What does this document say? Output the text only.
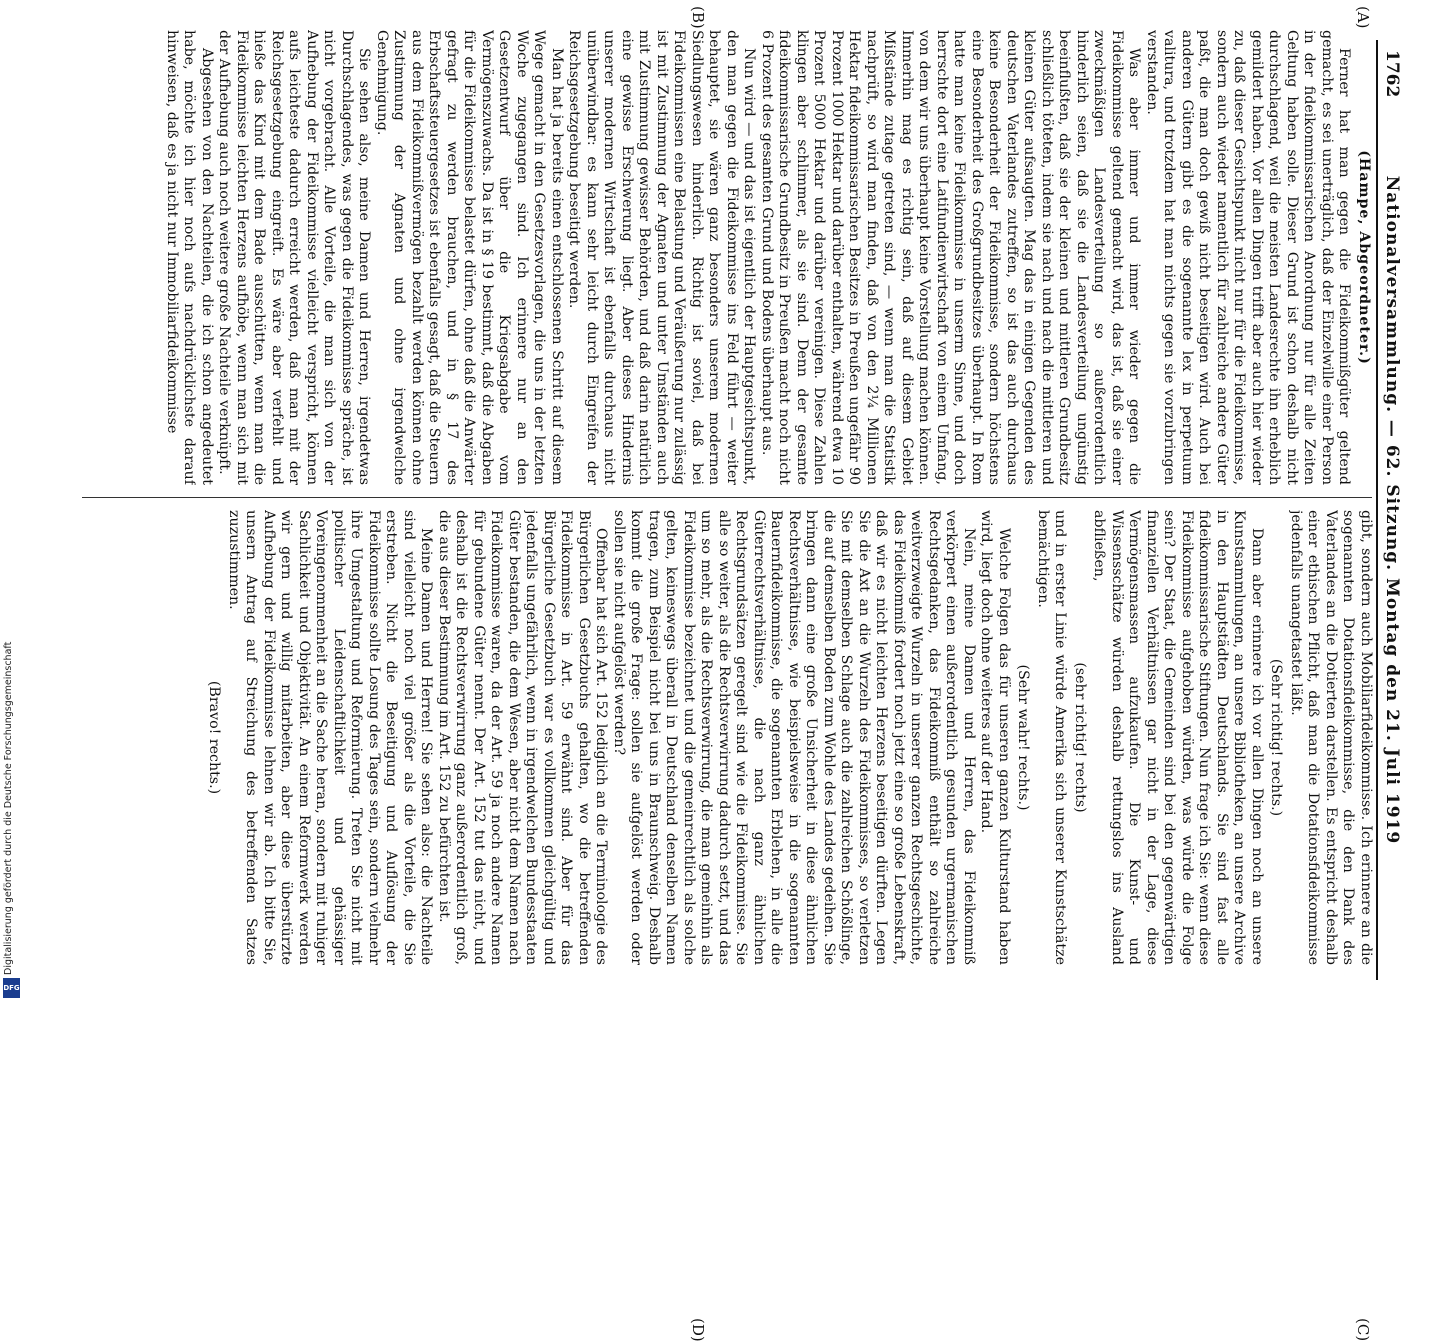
Digitalisierung gefördert durch die Deutsche Forschungsgemeinschaft
DFG
1762
Nationalversammlung. — 62. Sitzung. Montag den 21. Juli 1919
(A)
(B)
(C)
(D)

(Hampe, Abgeordneter.)

Ferner hat man gegen die Fideikommißgüter geltend gemacht, es sei unerträglich, daß der Einzelwille einer Person in der fideikommissarischen Anordnung nur für alle Zeiten Geltung haben solle. Dieser Grund ist schon deshalb nicht durchschlagend, weil die meisten Landesrechte ihn erheblich gemildert haben. Vor allen Dingen trifft aber auch hier wieder zu, daß dieser Gesichtspunkt nicht nur für die Fideikommisse, sondern auch wieder namentlich für zahlreiche andere Güter paßt, die man doch gewiß nicht beseitigen wird. Auch bei anderen Gütern gibt es die sogenannte lex in perpetuum valitura, und trotzdem hat man nichts gegen sie vorzubringen verstanden.

Was aber immer und immer wieder gegen die Fideikommisse geltend gemacht wird, das ist, daß sie einer zweckmäßigen Landesverteilung so außerordentlich hinderlich seien, daß sie die Landesverteilung ungünstig beeinflußten, daß sie der kleinen und mittleren Grundbesitz schließlich töteten, indem sie nach und nach die mittleren und kleinen Güter aufsaugten. Mag das in einigen Gegenden des deutschen Vaterlandes zutreffen, so ist das auch durchaus keine Besonderheit der Fideikommisse, sondern höchstens eine Besonderheit des Großgrundbesitzes überhaupt. In Rom hatte man keine Fideikommisse in unserm Sinne, und doch herrschte dort eine Latifundienwirtschaft von einem Umfang, von dem wir uns überhaupt keine Vorstellung machen können. Immerhin mag es richtig sein, daß auf diesem Gebiet Mißstände zutage getreten sind, — wenn man die Statistik nachprüft, so wird man finden, daß von den 2¼ Millionen Hektar fideikommissarischen Besitzes in Preußen ungefähr 90 Prozent 1000 Hektar und darüber enthalten, während etwa 10 Prozent 5000 Hektar und darüber vereinigen. Diese Zahlen klingen aber schlimmer, als sie sind. Denn der gesamte fideikommissarische Grundbesitz in Preußen macht noch nicht 6 Prozent des gesamten Grund und Bodens überhaupt aus.

Nun wird — und das ist eigentlich der Hauptgesichtspunkt, den man gegen die Fideikommisse ins Feld führt — weiter behauptet, sie wären ganz besonders unserem modernen Siedlungswesen hinderlich. Richtig ist soviel, daß bei Fideikommissen eine Belastung und Veräußerung nur zulässig ist mit Zustimmung der Agnaten und unter Umständen auch mit Zustimmung gewisser Behörden, und daß darin natürlich eine gewisse Erschwerung liegt. Aber dieses Hindernis unserer modernen Wirtschaft ist ebenfalls durchaus nicht unüberwindbar: es kann sehr leicht durch Eingreifen der Reichsgesetzgebung beseitigt werden.

Man hat ja bereits einen entschlossenen Schritt auf diesem Wege gemacht in den Gesetzesvorlagen, die uns in der letzten Woche zugegangen sind. Ich erinnere nur an den Gesetzentwurf über die Kriegsabgabe vom Vermögenszuwachs. Da ist in § 19 bestimmt, daß die Abgaben für die Fideikommisse belastet dürfen, ohne daß die Anwärter gefragt zu werden brauchen, und in § 17 des Erbschaftssteuergesetzes ist ebenfalls gesagt, daß die Steuern aus dem Fideikommißvermögen bezahlt werden können ohne Zustimmung der Agnaten und ohne irgendwelche Genehmigung.

Sie sehen also, meine Damen und Herren, irgendetwas Durchschlagendes, was gegen die Fideikommisse spräche, ist nicht vorgebracht. Alle Vorteile, die man sich von der Aufhebung der Fideikommisse vielleicht verspricht, können aufs leichteste dadurch erreicht werden, daß man mit der Reichsgesetzgebung eingreift. Es wäre aber verfehlt und hieße das Kind mit dem Bade ausschütten, wenn man die Fideikommisse leichten Herzens aufhöbe, wenn man sich mit der Aufhebung auch noch weitere große Nachteile verknüpft.

Abgesehen von den Nachteilen, die ich schon angedeutet habe, möchte ich hier noch aufs nachdrücklichste darauf hinweisen, daß es ja nicht nur Immobiliarfideikommisse

gibt, sondern auch Mobiliarfideikommisse. Ich erinnere an die sogenannten Dotationsfideikommisse, die den Dank des Vaterlandes an die Dotierten darstellen. Es entspricht deshalb einer ethischen Pflicht, daß man die Dotationsfideikommisse jedenfalls unangetastet läßt.

(Sehr richtig! rechts.)

Dann aber erinnere ich vor allen Dingen noch an unsere Kunstsammlungen, an unsere Bibliotheken, an unsere Archive in den Hauptstädten Deutschlands. Sie sind fast alle fideikommissarische Stiftungen. Nun frage ich Sie: wenn diese Fideikommisse aufgehoben würden, was würde die Folge sein? Der Staat, die Gemeinden sind bei den gegenwärtigen finanziellen Verhältnissen gar nicht in der Lage, diese Vermögensmassen aufzukaufen. Die Kunst- und Wissensschätze würden deshalb rettungslos ins Ausland abfließen,

(sehr richtig! rechts)

und in erster Linie würde Amerika sich unserer Kunstschätze bemächtigen.

(Sehr wahr! rechts.)

Welche Folgen das für unseren ganzen Kulturstand haben wird, liegt doch ohne weiteres auf der Hand.

Nein, meine Damen und Herren, das Fideikommiß verkörpert einen außerordentlich gesunden urgermanischen Rechtsgedanken, das Fideikommiß enthält so zahlreiche weitverzweigte Wurzeln in unserer ganzen Rechtsgeschichte, das Fideikommiß fordert noch jetzt eine so große Lebenskraft, daß wir es nicht leichten Herzens beseitigen dürften. Legen Sie die Axt an die Wurzeln des Fideikommisses, so verletzen Sie mit demselben Schlage auch die zahlreichen Schößlinge, die auf demselben Boden zum Wohle des Landes gedeihen. Sie bringen dann eine große Unsicherheit in diese ähnlichen Rechtsverhältnisse, wie beispielsweise in die sogenannten Bauernfideikommisse, die sogenannten Erblehen, in alle die Güterrechtsverhältnisse, die nach ganz ähnlichen Rechtsgrundsätzen geregelt sind wie die Fideikommisse. Sie alle so weiter, als die Rechtsverwirrung dadurch setzt, und das um so mehr, als die Rechtsverwirrung, die man gemeinhin als Fideikommisse bezeichnet und die gemeinrechtlich als solche gelten, keineswegs überall in Deutschland denselben Namen tragen, zum Beispiel nicht bei uns in Braunschweig. Deshalb kommt die große Frage: sollen sie aufgelöst werden oder sollen sie nicht aufgelöst werden?

Offenbar hat sich Art. 152 lediglich an die Terminologie des Bürgerlichen Gesetzbuchs gehalten, wo die betreffenden Fideikommisse in Art. 59 erwähnt sind. Aber für das Bürgerliche Gesetzbuch war es vollkommen gleichgültig und jedenfalls ungefährlich, wenn in irgendwelchen Bundesstaaten Güter bestanden, die dem Wesen, aber nicht dem Namen nach Fideikommisse waren, da der Art. 59 ja noch andere Namen für gebundene Güter nennt. Der Art. 152 tut das nicht, und deshalb ist die Rechtsverwirrung ganz außerordentlich groß, die aus dieser Bestimmung im Art. 152 zu befürchten ist.

Meine Damen und Herren! Sie sehen also: die Nachteile sind vielleicht noch viel größer als die Vorteile, die Sie erstreben. Nicht die Beseitigung und Auflösung der Fideikommisse sollte Losung des Tages sein, sondern vielmehr ihre Umgestaltung und Reformierung. Treten Sie nicht mit politischer Leidenschaftlichkeit und gehässiger Voreingenommenheit an die Sache heran, sondern mit ruhiger Sachlichkeit und Objektivität. An einem Reformwerk werden wir gern und willig mitarbeiten, aber diese überstürzte Aufhebung der Fideikommisse lehnen wir ab. Ich bitte Sie, unsern Antrag auf Streichung des betreffenden Satzes zuzustimmen.

(Bravo! rechts.)
